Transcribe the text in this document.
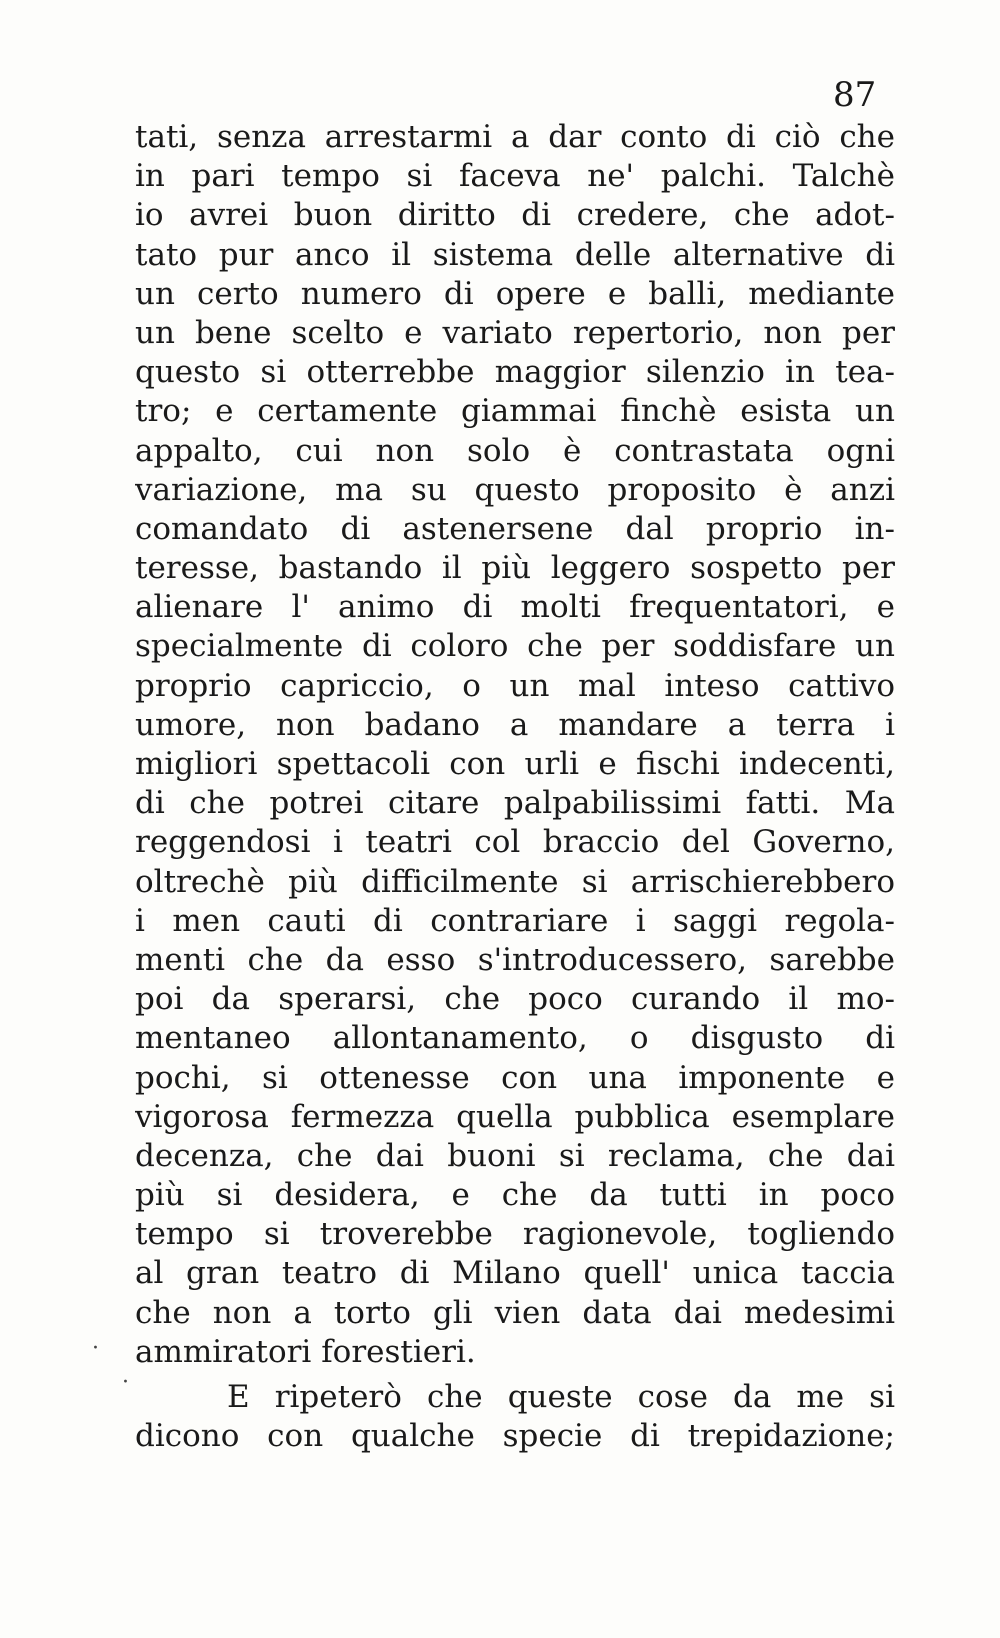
87
tati, senza arrestarmi a dar conto di ciò che
in pari tempo si faceva ne' palchi. Talchè
io avrei buon diritto di credere, che adot-
tato pur anco il sistema delle alternative di
un certo numero di opere e balli, mediante
un bene scelto e variato repertorio, non per
questo si otterrebbe maggior silenzio in tea-
tro; e certamente giammai finchè esista un
appalto, cui non solo è contrastata ogni
variazione, ma su questo proposito è anzi
comandato di astenersene dal proprio in-
teresse, bastando il più leggero sospetto per
alienare l' animo di molti frequentatori, e
specialmente di coloro che per soddisfare un
proprio capriccio, o un mal inteso cattivo
umore, non badano a mandare a terra i
migliori spettacoli con urli e fischi indecenti,
di che potrei citare palpabilissimi fatti. Ma
reggendosi i teatri col braccio del Governo,
oltrechè più difficilmente si arrischierebbero
i men cauti di contrariare i saggi regola-
menti che da esso s'introducessero, sarebbe
poi da sperarsi, che poco curando il mo-
mentaneo allontanamento, o disgusto di
pochi, si ottenesse con una imponente e
vigorosa fermezza quella pubblica esemplare
decenza, che dai buoni si reclama, che dai
più si desidera, e che da tutti in poco
tempo si troverebbe ragionevole, togliendo
al gran teatro di Milano quell' unica taccia
che non a torto gli vien data dai medesimi
ammiratori forestieri.
E ripeterò che queste cose da me si
dicono con qualche specie di trepidazione;
·
·
